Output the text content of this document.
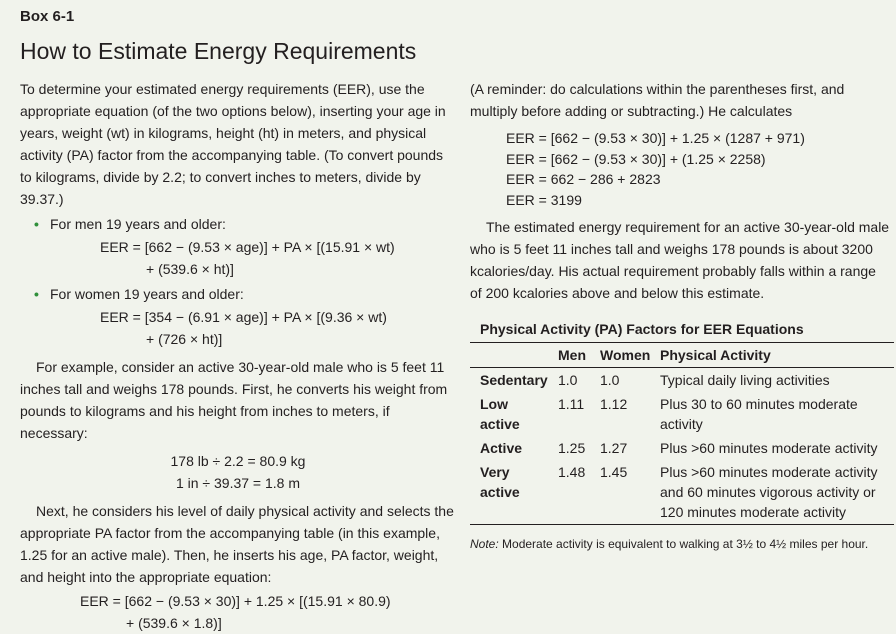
Box 6-1
How to Estimate Energy Requirements

To determine your estimated energy requirements (EER), use the appropriate equation (of the two options below), inserting your age in years, weight (wt) in kilograms, height (ht) in meters, and physical activity (PA) factor from the accompanying table. (To convert pounds to kilograms, divide by 2.2; to convert inches to meters, divide by 39.37.)

• For men 19 years and older:
EER = [662 − (9.53 × age)] + PA × [(15.91 × wt)
+ (539.6 × ht)]
• For women 19 years and older:
EER = [354 − (6.91 × age)] + PA × [(9.36 × wt)
+ (726 × ht)]

For example, consider an active 30-year-old male who is 5 feet 11 inches tall and weighs 178 pounds. First, he converts his weight from pounds to kilograms and his height from inches to meters, if necessary:

178 lb ÷ 2.2 = 80.9 kg
1 in ÷ 39.37 = 1.8 m

Next, he considers his level of daily physical activity and selects the appropriate PA factor from the accompanying table (in this example, 1.25 for an active male). Then, he inserts his age, PA factor, weight, and height into the appropriate equation:

EER = [662 − (9.53 × 30)] + 1.25 × [(15.91 × 80.9)
+ (539.6 × 1.8)]

(A reminder: do calculations within the parentheses first, and multiply before adding or subtracting.) He calculates

EER = [662 − (9.53 × 30)] + 1.25 × (1287 + 971)
EER = [662 − (9.53 × 30)] + (1.25 × 2258)
EER = 662 − 286 + 2823
EER = 3199

The estimated energy requirement for an active 30-year-old male who is 5 feet 11 inches tall and weighs 178 pounds is about 3200 kcalories/day. His actual requirement probably falls within a range of 200 kcalories above and below this estimate.

Physical Activity (PA) Factors for EER Equations
	Men	Women	Physical Activity
Sedentary	1.0	1.0	Typical daily living activities
Low active	1.11	1.12	Plus 30 to 60 minutes moderate activity
Active	1.25	1.27	Plus >60 minutes moderate activity
Very active	1.48	1.45	Plus >60 minutes moderate activity and 60 minutes vigorous activity or 120 minutes moderate activity
Note: Moderate activity is equivalent to walking at 3½ to 4½ miles per hour.
